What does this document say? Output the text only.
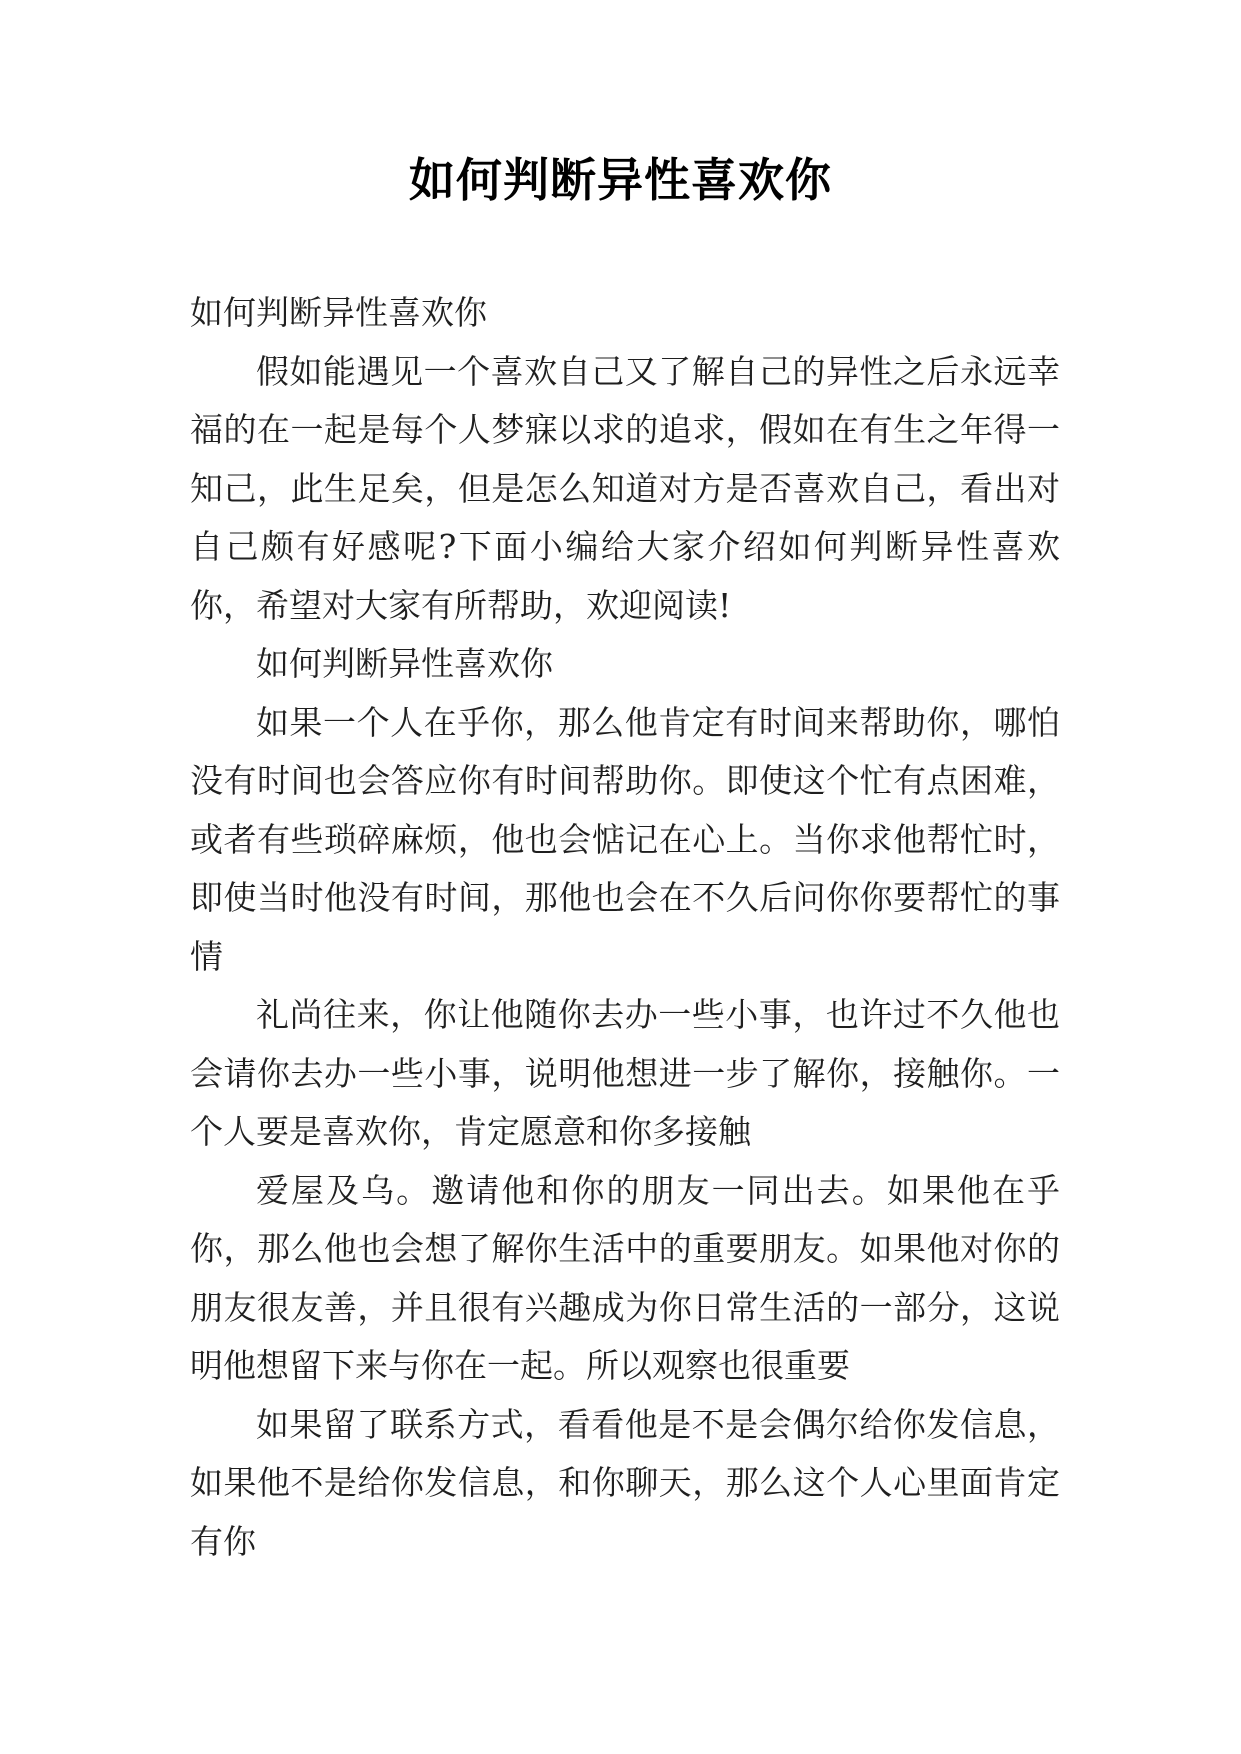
如何判断异性喜欢你

如何判断异性喜欢你

假如能遇见一个喜欢自己又了解自己的异性之后永远幸福的在一起是每个人梦寐以求的追求，假如在有生之年得一知己，此生足矣，但是怎么知道对方是否喜欢自己，看出对自己颇有好感呢?下面小编给大家介绍如何判断异性喜欢你，希望对大家有所帮助，欢迎阅读!

如何判断异性喜欢你

如果一个人在乎你，那么他肯定有时间来帮助你，哪怕没有时间也会答应你有时间帮助你。即使这个忙有点困难，或者有些琐碎麻烦，他也会惦记在心上。当你求他帮忙时，即使当时他没有时间，那他也会在不久后问你你要帮忙的事情

礼尚往来，你让他随你去办一些小事，也许过不久他也会请你去办一些小事，说明他想进一步了解你，接触你。一个人要是喜欢你，肯定愿意和你多接触

爱屋及乌。邀请他和你的朋友一同出去。如果他在乎你，那么他也会想了解你生活中的重要朋友。如果他对你的朋友很友善，并且很有兴趣成为你日常生活的一部分，这说明他想留下来与你在一起。所以观察也很重要

如果留了联系方式，看看他是不是会偶尔给你发信息，如果他不是给你发信息，和你聊天，那么这个人心里面肯定有你
